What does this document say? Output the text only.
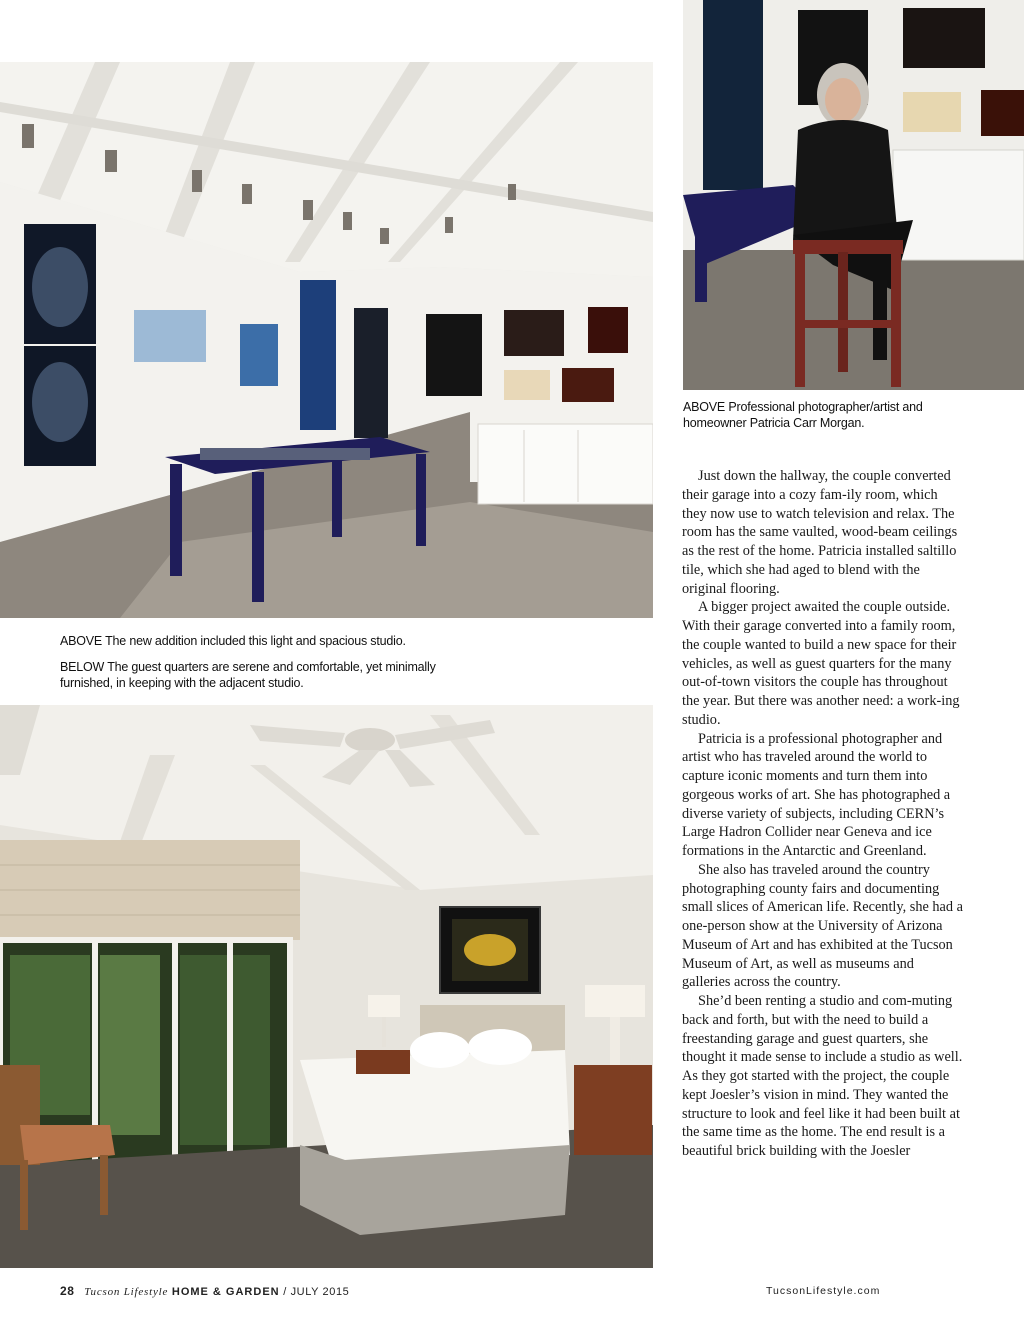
ABOVE The new addition included this light and spacious studio.
BELOW The guest quarters are serene and comfortable, yet minimally furnished, in keeping with the adjacent studio.
ABOVE Professional photographer/artist and homeowner Patricia Carr Morgan.

Just down the hallway, the couple converted their garage into a cozy fam-ily room, which they now use to watch television and relax. The room has the same vaulted, wood-beam ceilings as the rest of the home. Patricia installed saltillo tile, which she had aged to blend with the original flooring.

A bigger project awaited the couple outside. With their garage converted into a family room, the couple wanted to build a new space for their vehicles, as well as guest quarters for the many out-of-town visitors the couple has throughout the year. But there was another need: a work-ing studio.

Patricia is a professional photographer and artist who has traveled around the world to capture iconic moments and turn them into gorgeous works of art. She has photographed a diverse variety of subjects, including CERN’s Large Hadron Collider near Geneva and ice formations in the Antarctic and Greenland.

She also has traveled around the country photographing county fairs and documenting small slices of American life. Recently, she had a one-person show at the University of Arizona Museum of Art and has exhibited at the Tucson Museum of Art, as well as museums and galleries across the country.

She’d been renting a studio and com-muting back and forth, but with the need to build a freestanding garage and guest quarters, she thought it made sense to include a studio as well. As they got started with the project, the couple kept Joesler’s vision in mind. They wanted the structure to look and feel like it had been built at the same time as the home. The end result is a beautiful brick building with the Joesler

28 Tucson Lifestyle HOME & GARDEN / JULY 2015	TucsonLifestyle.com
